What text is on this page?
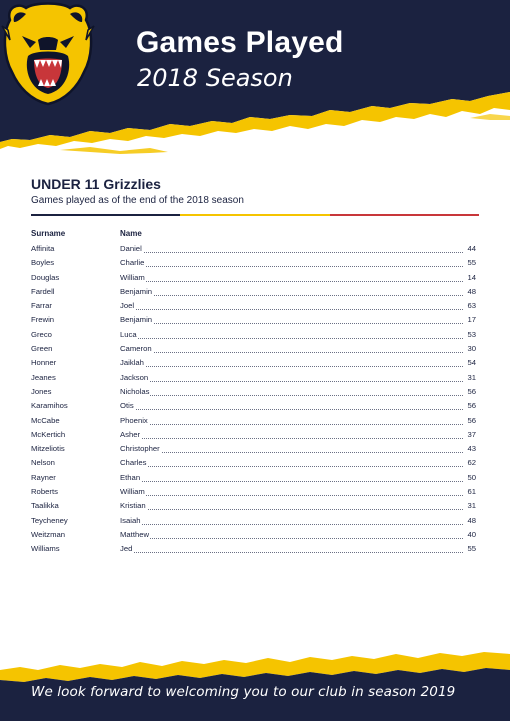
Games Played
2018 Season
UNDER 11 Grizzlies
Games played as of the end of the 2018 season
Surname	Name
Affinita	Daniel	44
Boyles	Charlie	55
Douglas	William	14
Fardell	Benjamin	48
Farrar	Joel	63
Frewin	Benjamin	17
Greco	Luca	53
Green	Cameron	30
Honner	Jaiklah	54
Jeanes	Jackson	31
Jones	Nicholas	56
Karamihos	Otis	56
McCabe	Phoenix	56
McKertich	Asher	37
Mitzeliotis	Christopher	43
Nelson	Charles	62
Rayner	Ethan	50
Roberts	William	61
Taalikka	Kristian	31
Teycheney	Isaiah	48
Weitzman	Matthew	40
Williams	Jed	55
We look forward to welcoming you to our club in season 2019
